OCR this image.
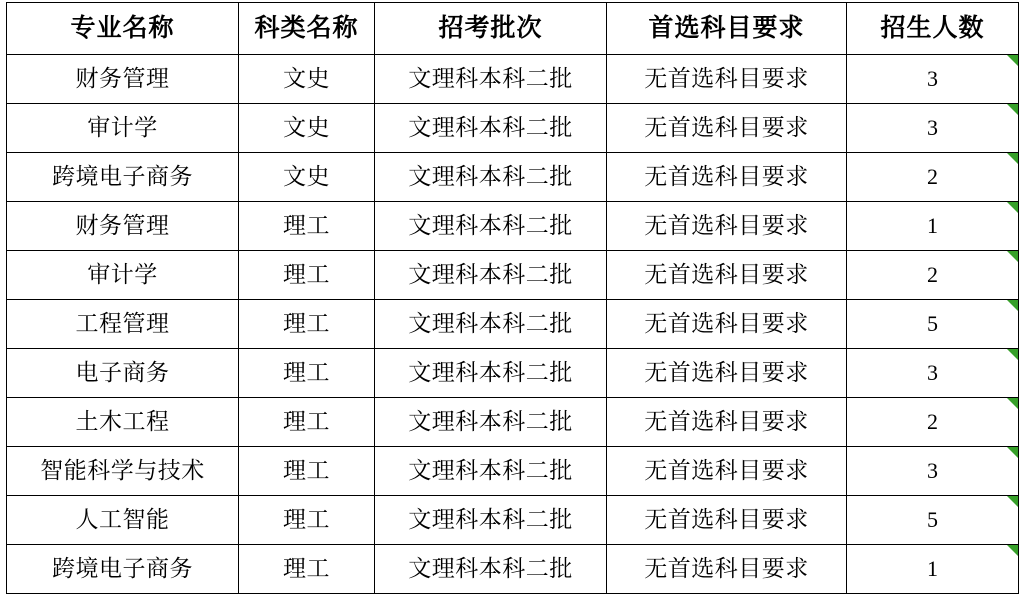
专业名称	科类名称	招考批次	首选科目要求	招生人数
财务管理	文史	文理科本科二批	无首选科目要求	3

审计学	文史	文理科本科二批	无首选科目要求	3

跨境电子商务	文史	文理科本科二批	无首选科目要求	2

财务管理	理工	文理科本科二批	无首选科目要求	1

审计学	理工	文理科本科二批	无首选科目要求	2

工程管理	理工	文理科本科二批	无首选科目要求	5

电子商务	理工	文理科本科二批	无首选科目要求	3

土木工程	理工	文理科本科二批	无首选科目要求	2

智能科学与技术	理工	文理科本科二批	无首选科目要求	3

人工智能	理工	文理科本科二批	无首选科目要求	5

跨境电子商务	理工	文理科本科二批	无首选科目要求	1
